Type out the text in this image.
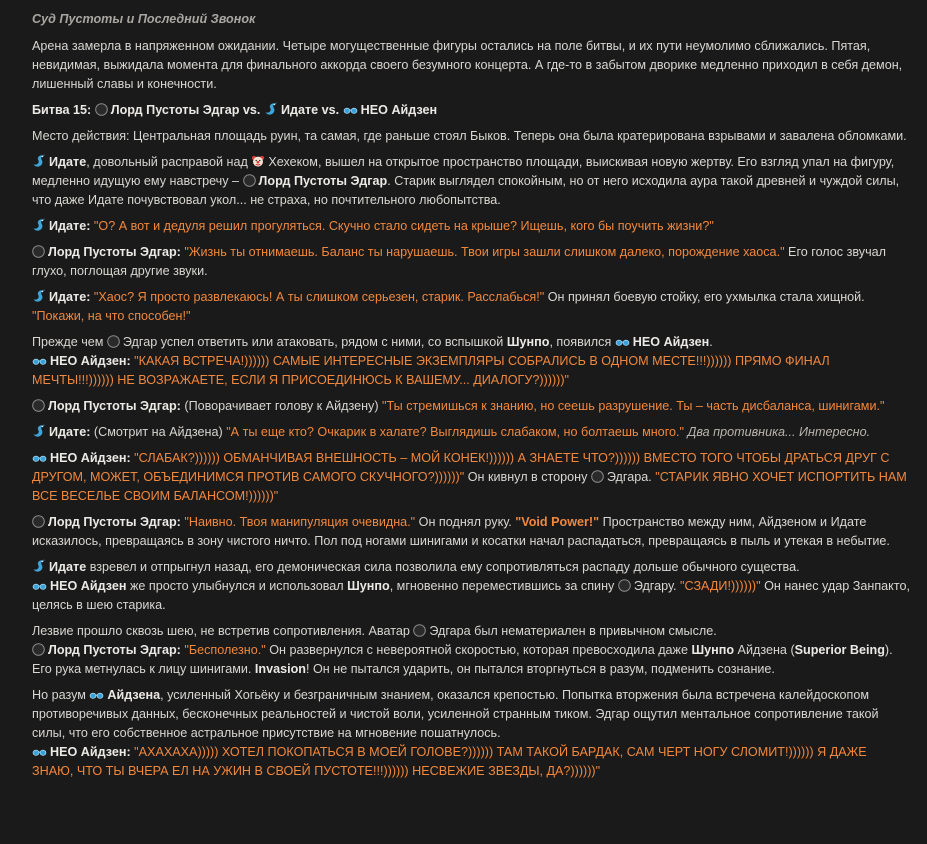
Суд Пустоты и Последний Звонок
Арена замерла в напряженном ожидании. Четыре могущественные фигуры остались на поле битвы, и их пути неумолимо сближались. Пятая, невидимая, выжидала момента для финального аккорда своего безумного концерта. А где-то в забытом дворике медленно приходил в себя демон, лишенный славы и конечности.
Битва 15:
Лорд Пустоты Эдгар vs.
Идате vs.
НЕО Айдзен
Место действия: Центральная площадь руин, та самая, где раньше стоял Быков. Теперь она была кратерирована взрывами и завалена обломками.
Идате, довольный расправой над
Хехеком, вышел на открытое пространство площади, выискивая новую жертву. Его взгляд упал на фигуру, медленно идущую ему навстречу –
Лорд Пустоты Эдгар. Старик выглядел спокойным, но от него исходила аура такой древней и чуждой силы, что даже Идате почувствовал укол... не страха, но почтительного любопытства.
Идате: "О? А вот и дедуля решил прогуляться. Скучно стало сидеть на крыше? Ищешь, кого бы поучить жизни?"
Лорд Пустоты Эдгар: "Жизнь ты отнимаешь. Баланс ты нарушаешь. Твои игры зашли слишком далеко, порождение хаоса." Его голос звучал глухо, поглощая другие звуки.
Идате: "Хаос? Я просто развлекаюсь! А ты слишком серьезен, старик. Расслабься!" Он принял боевую стойку, его ухмылка стала хищной. "Покажи, на что способен!"
Прежде чем
Эдгар успел ответить или атаковать, рядом с ними, со вспышкой Шунпо, появился
НЕО Айдзен.

НЕО Айдзен: "КАКАЯ ВСТРЕЧА!)))))) САМЫЕ ИНТЕРЕСНЫЕ ЭКЗЕМПЛЯРЫ СОБРАЛИСЬ В ОДНОМ МЕСТЕ!!!)))))) ПРЯМО ФИНАЛ МЕЧТЫ!!!)))))) НЕ ВОЗРАЖАЕТЕ, ЕСЛИ Я ПРИСОЕДИНЮСЬ К ВАШЕМУ... ДИАЛОГУ?))))))"
Лорд Пустоты Эдгар: (Поворачивает голову к Айдзену) "Ты стремишься к знанию, но сеешь разрушение. Ты – часть дисбаланса, шинигами."
Идате: (Смотрит на Айдзена) "А ты еще кто? Очкарик в халате? Выглядишь слабаком, но болтаешь много." Два противника... Интересно.
НЕО Айдзен: "СЛАБАК?)))))) ОБМАНЧИВАЯ ВНЕШНОСТЬ – МОЙ КОНЕК!)))))) А ЗНАЕТЕ ЧТО?)))))) ВМЕСТО ТОГО ЧТОБЫ ДРАТЬСЯ ДРУГ С ДРУГОМ, МОЖЕТ, ОБЪЕДИНИМСЯ ПРОТИВ САМОГО СКУЧНОГО?))))))" Он кивнул в сторону
Эдгара. "СТАРИК ЯВНО ХОЧЕТ ИСПОРТИТЬ НАМ ВСЕ ВЕСЕЛЬЕ СВОИМ БАЛАНСОМ!))))))"
Лорд Пустоты Эдгар: "Наивно. Твоя манипуляция очевидна." Он поднял руку. "Void Power!" Пространство между ним, Айдзеном и Идате исказилось, превращаясь в зону чистого ничто. Пол под ногами шинигами и косатки начал распадаться, превращаясь в пыль и утекая в небытие.
Идате взревел и отпрыгнул назад, его демоническая сила позволила ему сопротивляться распаду дольше обычного существа.

НЕО Айдзен же просто улыбнулся и использовал Шунпо, мгновенно переместившись за спину
Эдгару. "СЗАДИ!))))))" Он нанес удар Занпакто, целясь в шею старика.
Лезвие прошло сквозь шею, не встретив сопротивления. Аватар
Эдгара был нематериален в привычном смысле.

Лорд Пустоты Эдгар: "Бесполезно." Он развернулся с невероятной скоростью, которая превосходила даже Шунпо Айдзена (Superior Being). Его рука метнулась к лицу шинигами. Invasion! Он не пытался ударить, он пытался вторгнуться в разум, подменить сознание.
Но разум
Айдзена, усиленный Хогьёку и безграничным знанием, оказался крепостью. Попытка вторжения была встречена калейдоскопом противоречивых данных, бесконечных реальностей и чистой воли, усиленной странным тиком. Эдгар ощутил ментальное сопротивление такой силы, что его собственное астральное присутствие на мгновение пошатнулось.

НЕО Айдзен: "АХАХАХА))))) ХОТЕЛ ПОКОПАТЬСЯ В МОЕЙ ГОЛОВЕ?)))))) ТАМ ТАКОЙ БАРДАК, САМ ЧЕРТ НОГУ СЛОМИТ!)))))) Я ДАЖЕ ЗНАЮ, ЧТО ТЫ ВЧЕРА ЕЛ НА УЖИН В СВОЕЙ ПУСТОТЕ!!!)))))) НЕСВЕЖИЕ ЗВЕЗДЫ, ДА?))))))"
